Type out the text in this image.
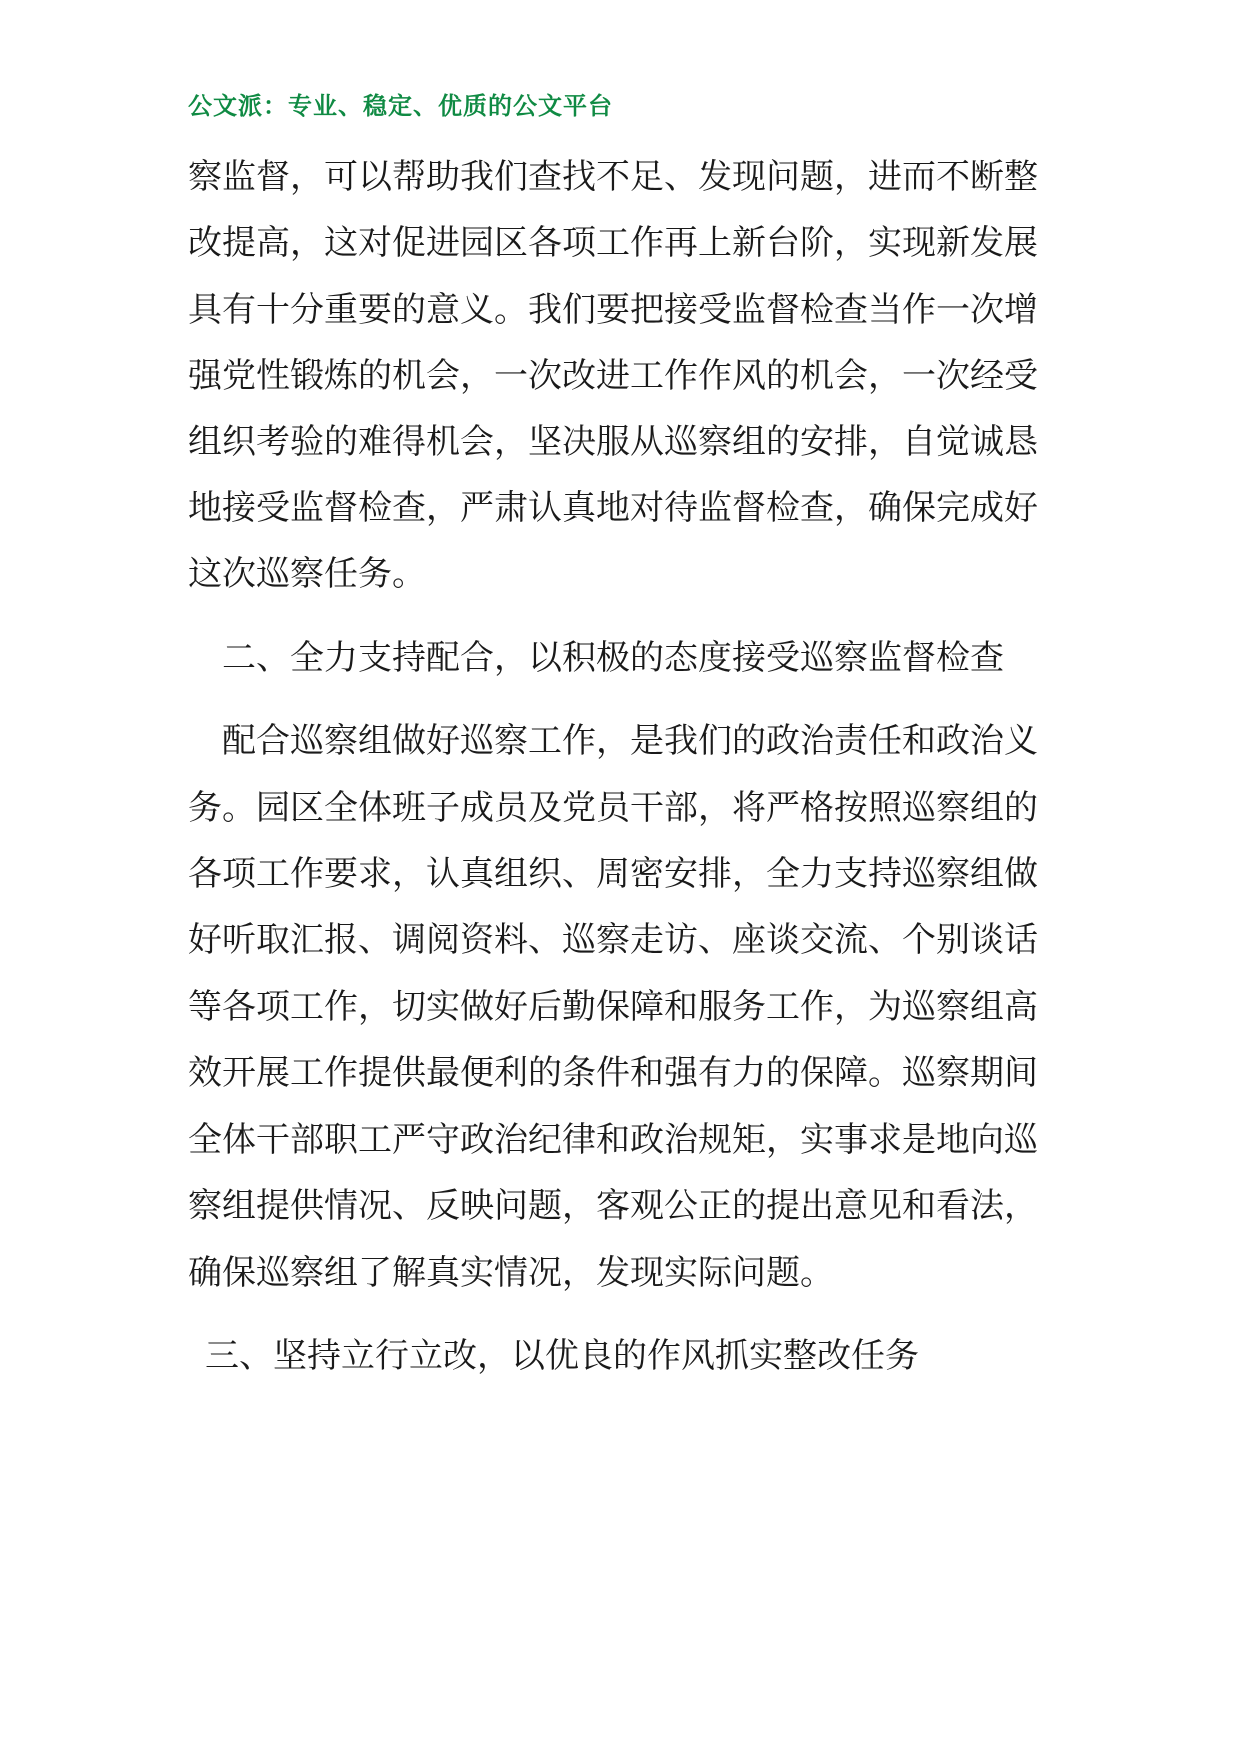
公文派：专业、稳定、优质的公文平台
察监督，可以帮助我们查找不足、发现问题，进而不断整
改提高，这对促进园区各项工作再上新台阶，实现新发展
具有十分重要的意义。我们要把接受监督检查当作一次增
强党性锻炼的机会，一次改进工作作风的机会，一次经受
组织考验的难得机会，坚决服从巡察组的安排，自觉诚恳
地接受监督检查，严肃认真地对待监督检查，确保完成好
这次巡察任务。
二、全力支持配合，以积极的态度接受巡察监督检查
配合巡察组做好巡察工作，是我们的政治责任和政治义
务。园区全体班子成员及党员干部，将严格按照巡察组的
各项工作要求，认真组织、周密安排，全力支持巡察组做
好听取汇报、调阅资料、巡察走访、座谈交流、个别谈话
等各项工作，切实做好后勤保障和服务工作，为巡察组高
效开展工作提供最便利的条件和强有力的保障。巡察期间
全体干部职工严守政治纪律和政治规矩，实事求是地向巡
察组提供情况、反映问题，客观公正的提出意见和看法，
确保巡察组了解真实情况，发现实际问题。
三、坚持立行立改，以优良的作风抓实整改任务
